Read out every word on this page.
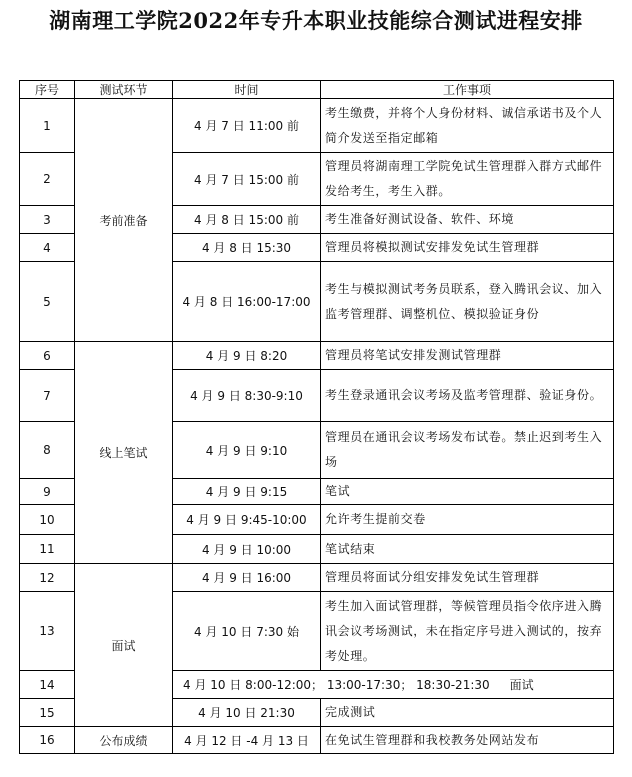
湖南理工学院2022年专升本职业技能综合测试进程安排
序号	测试环节	时间	工作事项
1	考前准备	4 月 7 日 11:00 前	考生缴费，并将个人身份材料、诚信承诺书及个人简介发送至指定邮箱
2		4 月 7 日 15:00 前	管理员将湖南理工学院免试生管理群入群方式邮件发给考生，考生入群。
3		4 月 8 日 15:00 前	考生准备好测试设备、软件、环境
4		4 月 8 日 15:30	管理员将模拟测试安排发免试生管理群
5		4 月 8 日 16:00-17:00	考生与模拟测试考务员联系，登入腾讯会议、加入监考管理群、调整机位、模拟验证身份
6	线上笔试	4 月 9 日 8:20	管理员将笔试安排发测试管理群
7		4 月 9 日 8:30-9:10	考生登录通讯会议考场及监考管理群、验证身份。
8		4 月 9 日 9:10	管理员在通讯会议考场发布试卷。禁止迟到考生入场
9		4 月 9 日 9:15	笔试
10		4 月 9 日 9:45-10:00	允许考生提前交卷
11		4 月 9 日 10:00	笔试结束
12	面试	4 月 9 日 16:00	管理员将面试分组安排发免试生管理群
13		4 月 10 日 7:30 始	考生加入面试管理群，等候管理员指令依序进入腾讯会议考场测试，未在指定序号进入测试的，按弃考处理。
14		4 月 10 日 8:00-12:00； 13:00-17:30； 18:30-21:30 面试
15		4 月 10 日 21:30	完成测试
16	公布成绩	4 月 12 日 -4 月 13 日	在免试生管理群和我校教务处网站发布
